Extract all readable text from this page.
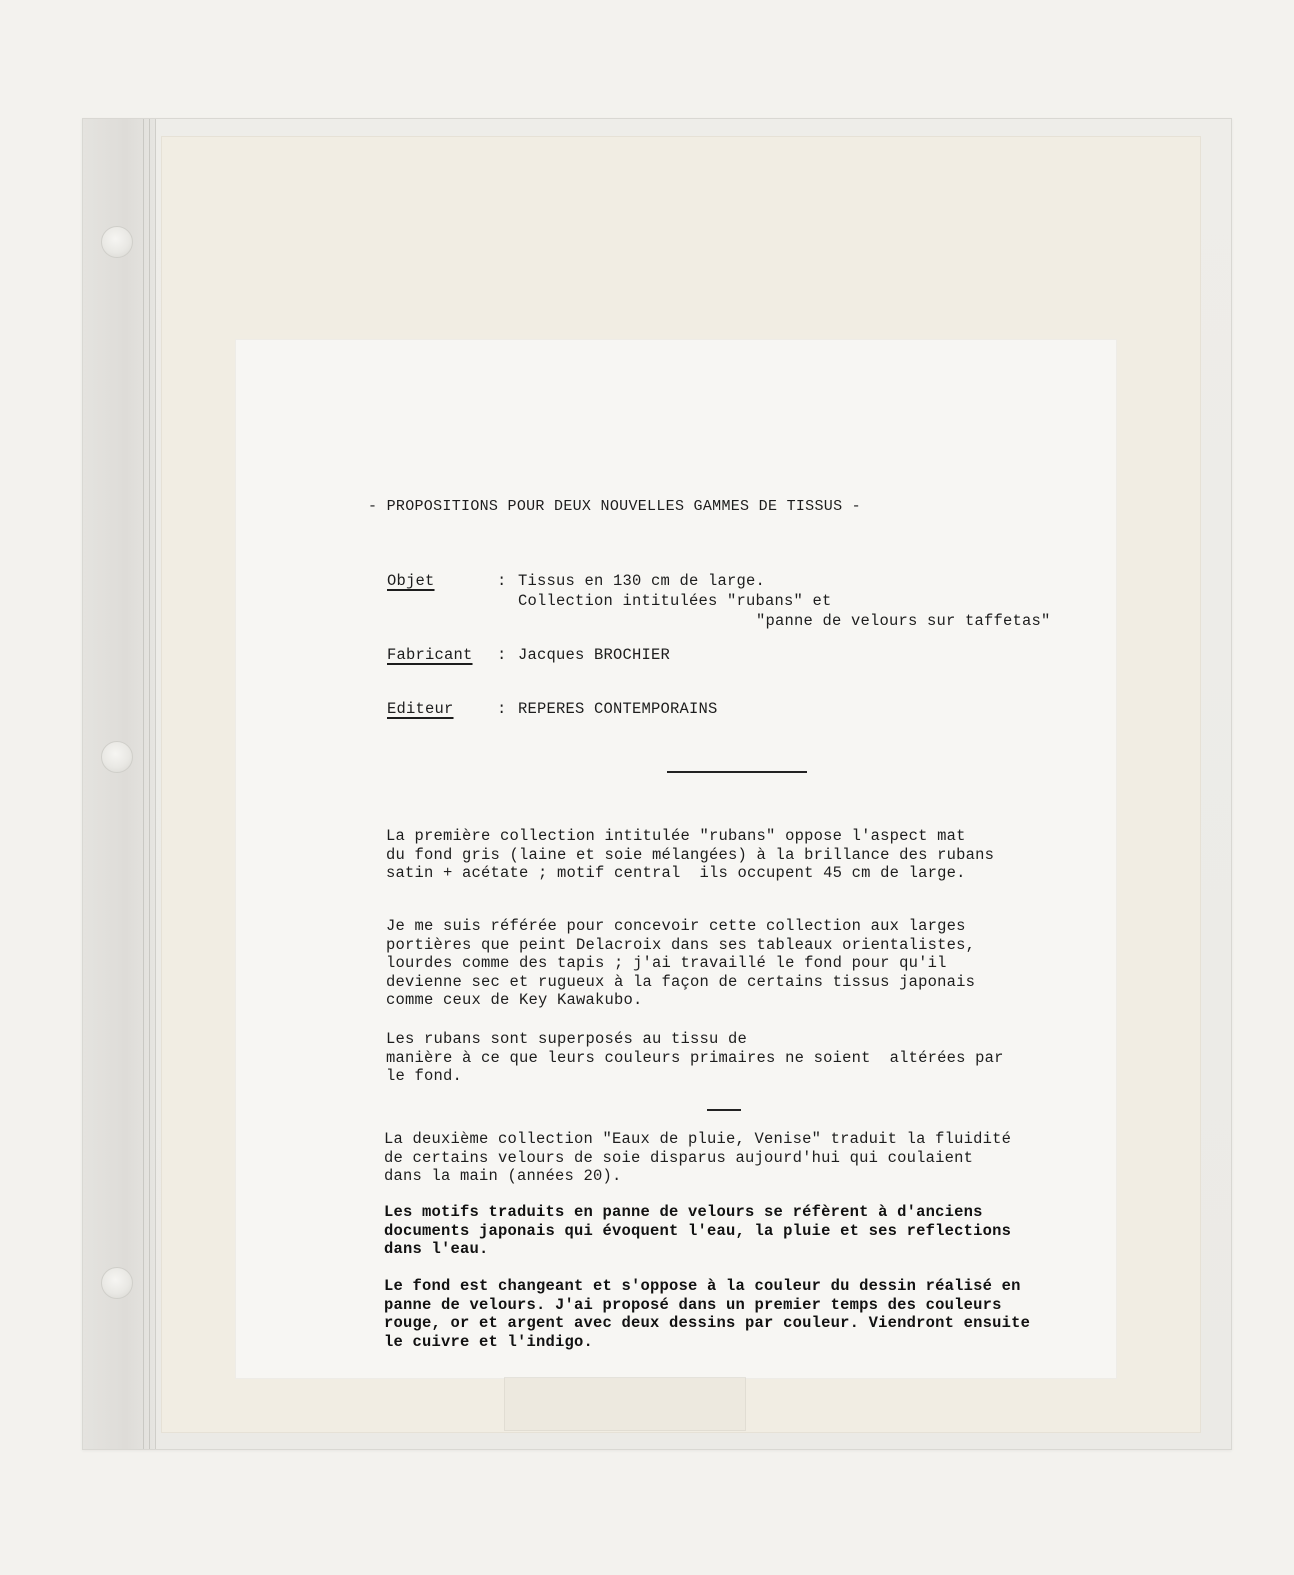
- PROPOSITIONS POUR DEUX NOUVELLES GAMMES DE TISSUS -

Objet	: Tissus en 130 cm de large.

Collection intitulées "rubans" et

"panne de velours sur taffetas"

Fabricant : Jacques BROCHIER

Editeur	: REPERES CONTEMPORAINS

La première collection intitulée "rubans" oppose l'aspect mat
du fond gris (laine et soie mélangées) à la brillance des rubans
satin + acétate ; motif central  ils occupent 45 cm de large.

Je me suis référée pour concevoir cette collection aux larges
portières que peint Delacroix dans ses tableaux orientalistes,
lourdes comme des tapis ; j'ai travaillé le fond pour qu'il
devienne sec et rugueux à la façon de certains tissus japonais
comme ceux de Key Kawakubo.

Les rubans sont superposés au tissu de
manière à ce que leurs couleurs primaires ne soient  altérées par
le fond.

La deuxième collection "Eaux de pluie, Venise" traduit la fluidité
de certains velours de soie disparus aujourd'hui qui coulaient
dans la main (années 20).

Les motifs traduits en panne de velours se réfèrent à d'anciens
documents japonais qui évoquent l'eau, la pluie et ses reflections
dans l'eau.

Le fond est changeant et s'oppose à la couleur du dessin réalisé en
panne de velours. J'ai proposé dans un premier temps des couleurs
rouge, or et argent avec deux dessins par couleur. Viendront ensuite
le cuivre et l'indigo.
